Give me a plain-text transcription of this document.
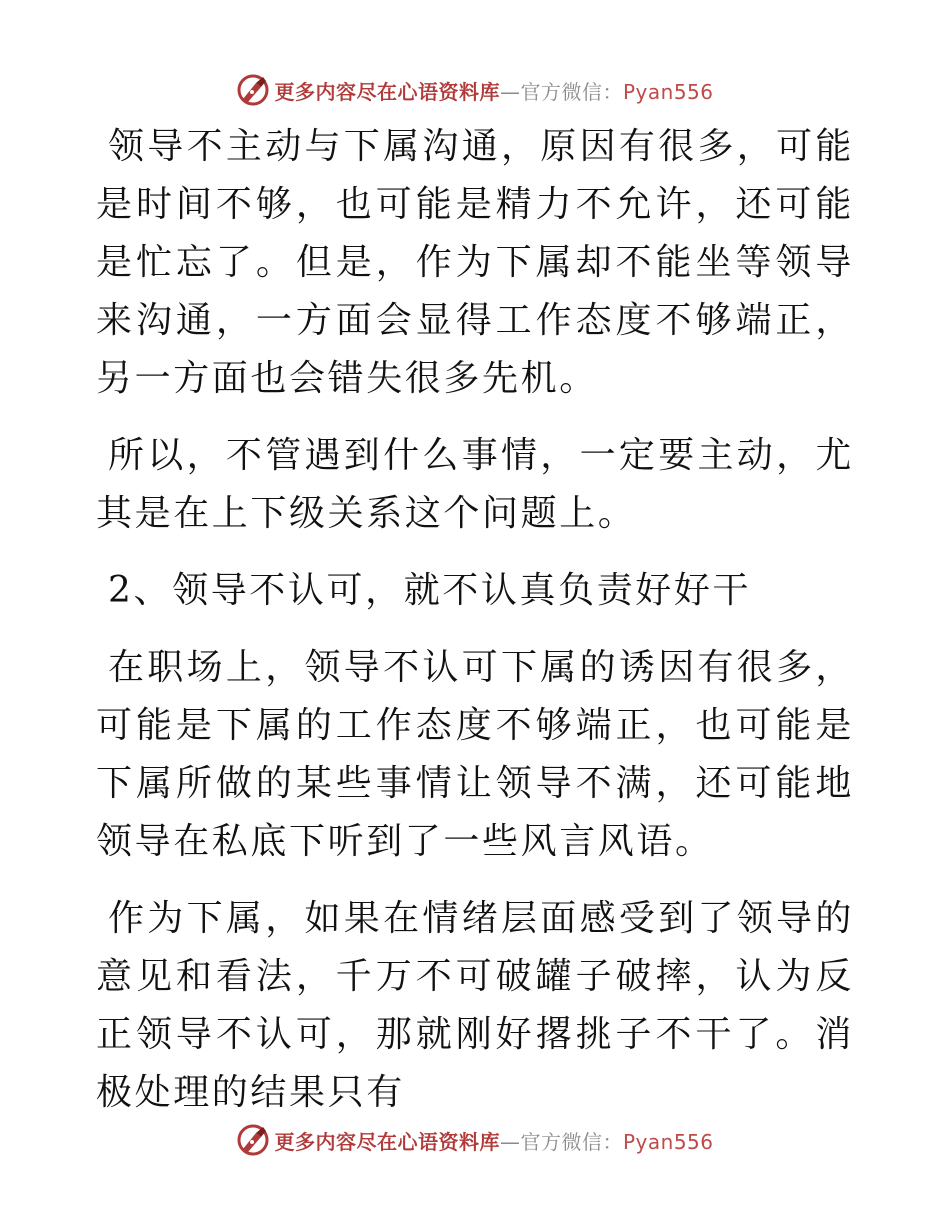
更多内容尽在心语资料库—官方微信：Pyan556

领导不主动与下属沟通，原因有很多，可能是时间不够，也可能是精力不允许，还可能是忙忘了。但是，作为下属却不能坐等领导来沟通，一方面会显得工作态度不够端正，另一方面也会错失很多先机。

所以，不管遇到什么事情，一定要主动，尤其是在上下级关系这个问题上。

2、领导不认可，就不认真负责好好干

在职场上，领导不认可下属的诱因有很多，可能是下属的工作态度不够端正，也可能是下属所做的某些事情让领导不满，还可能地领导在私底下听到了一些风言风语。

作为下属，如果在情绪层面感受到了领导的意见和看法，千万不可破罐子破摔，认为反正领导不认可，那就刚好撂挑子不干了。消极处理的结果只有

更多内容尽在心语资料库—官方微信：Pyan556
